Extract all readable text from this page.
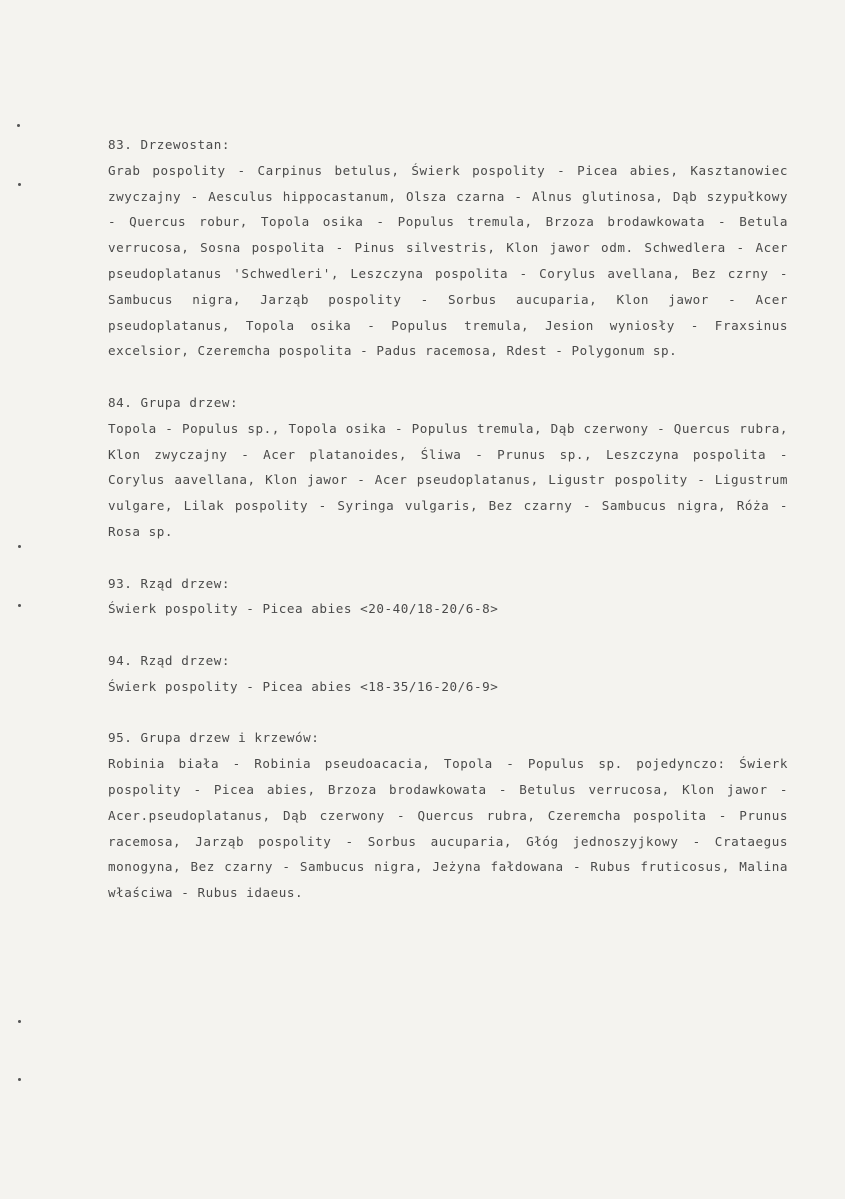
83. Drzewostan:
Grab pospolity - Carpinus betulus, Świerk pospolity - Picea abies, Kasztanowiec zwyczajny - Aesculus hippocastanum, Olsza czarna - Alnus glutinosa, Dąb szypułkowy - Quercus robur, Topola osika - Populus tremula, Brzoza brodawkowata - Betula verrucosa, Sosna pospolita - Pinus silvestris, Klon jawor odm. Schwedlera - Acer pseudoplatanus 'Schwedleri', Leszczyna pospolita - Corylus avellana, Bez czrny - Sambucus nigra, Jarząb pospolity - Sorbus aucuparia, Klon jawor - Acer pseudoplatanus, Topola osika - Populus tremula, Jesion wyniosły - Fraxsinus excelsior, Czeremcha pospolita - Padus racemosa, Rdest - Polygonum sp.
84. Grupa drzew:
Topola - Populus sp., Topola osika - Populus tremula, Dąb czerwony - Quercus rubra, Klon zwyczajny - Acer platanoides, Śliwa - Prunus sp., Leszczyna pospolita - Corylus aavellana, Klon jawor - Acer pseudoplatanus, Ligustr pospolity - Ligustrum vulgare, Lilak pospolity - Syringa vulgaris, Bez czarny - Sambucus nigra, Róża - Rosa sp.
93. Rząd drzew:
Świerk pospolity - Picea abies <20-40/18-20/6-8>
94. Rząd drzew:
Świerk pospolity - Picea abies <18-35/16-20/6-9>
95. Grupa drzew i krzewów:
Robinia biała - Robinia pseudoacacia, Topola - Populus sp. pojedynczo: Świerk pospolity - Picea abies, Brzoza brodawkowata - Betulus verrucosa, Klon jawor - Acer.pseudoplatanus, Dąb czerwony - Quercus rubra, Czeremcha pospolita - Prunus racemosa, Jarząb pospolity - Sorbus aucuparia, Głóg jednoszyjkowy - Crataegus monogyna, Bez czarny - Sambucus nigra, Jeżyna fałdowana - Rubus fruticosus, Malina właściwa - Rubus idaeus.
